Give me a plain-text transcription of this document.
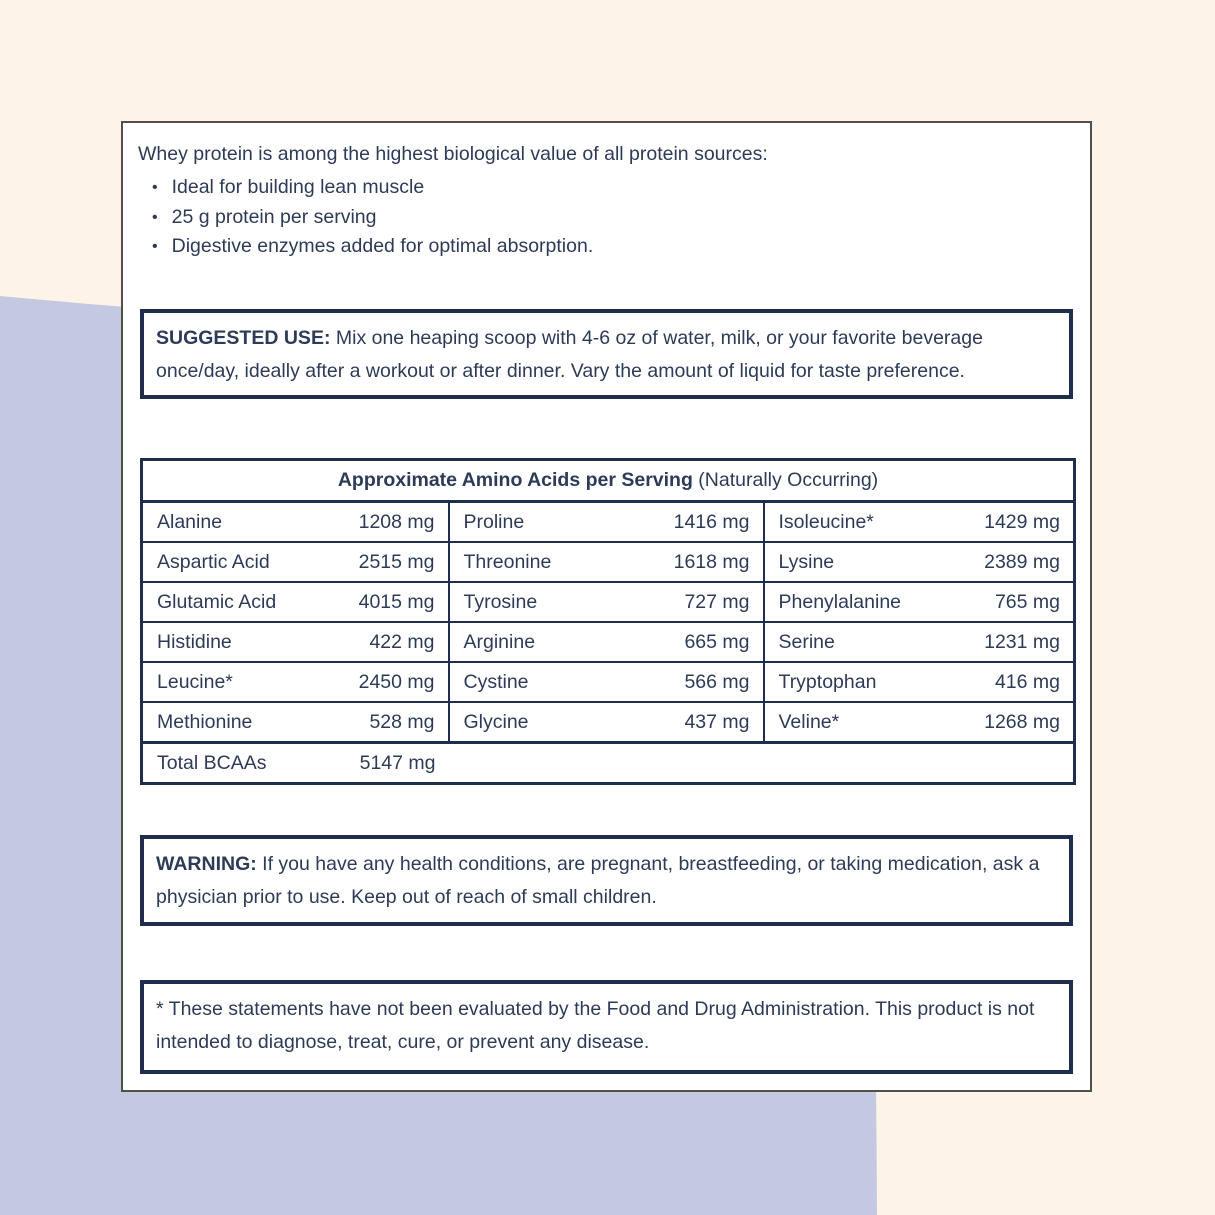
Whey protein is among the highest biological value of all protein sources:
• Ideal for building lean muscle
• 25 g protein per serving
• Digestive enzymes added for optimal absorption.
SUGGESTED USE: Mix one heaping scoop with 4-6 oz of water, milk, or your favorite beverage once/day, ideally after a workout or after dinner. Vary the amount of liquid for taste preference.
Approximate Amino Acids per Serving (Naturally Occurring)					
Alanine	1208 mg	Proline	1416 mg	Isoleucine*	1429 mg
Aspartic Acid	2515 mg	Threonine	1618 mg	Lysine	2389 mg
Glutamic Acid	4015 mg	Tyrosine	727 mg	Phenylalanine	765 mg
Histidine	422 mg	Arginine	665 mg	Serine	1231 mg
Leucine*	2450 mg	Cystine	566 mg	Tryptophan	416 mg
Methionine	528 mg	Glycine	437 mg	Veline*	1268 mg
Total BCAAs	5147 mg				
WARNING: If you have any health conditions, are pregnant, breastfeeding, or taking medication, ask a physician prior to use. Keep out of reach of small children.
* These statements have not been evaluated by the Food and Drug Administration. This product is not intended to diagnose, treat, cure, or prevent any disease.
